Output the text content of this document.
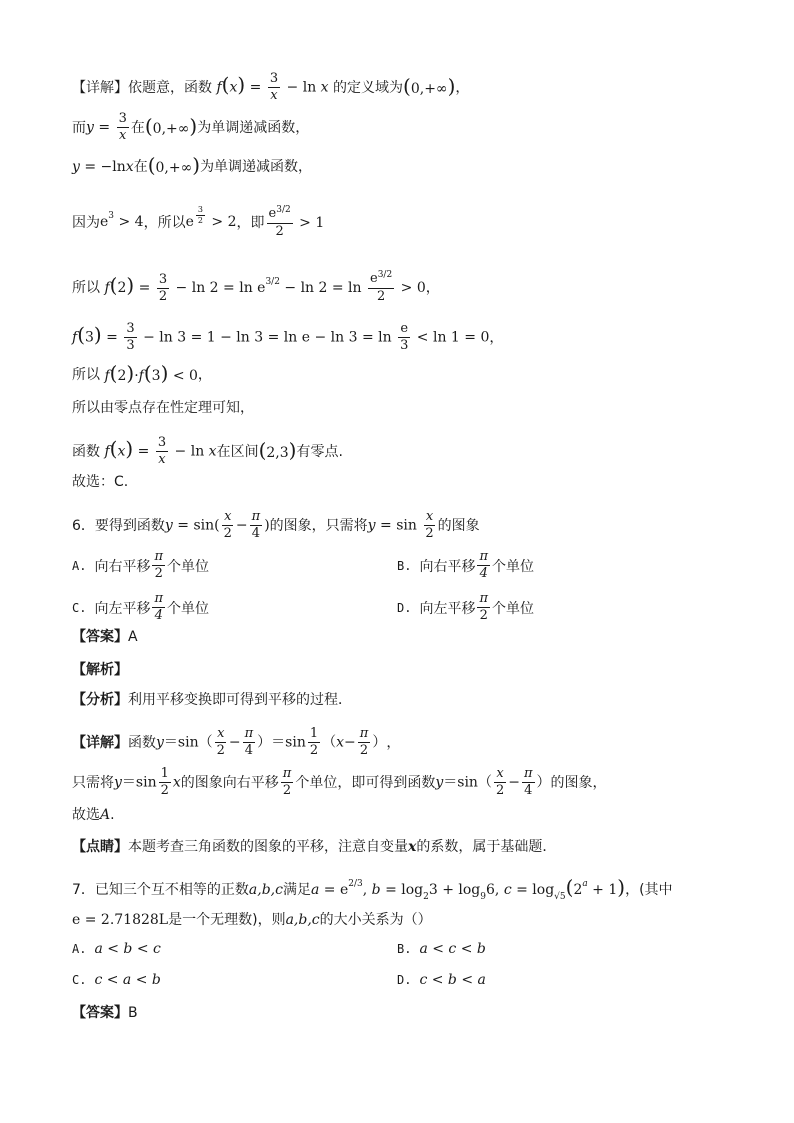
【详解】依题意，函数 $f(x) = \frac{3}{x} - \ln x$ 的定义域为 (0,+∞) ，
而 $y = \frac{3}{x}$ 在 (0,+∞) 为单调递减函数，
y = −lnx 在 (0,+∞) 为单调递减函数，
因为 $e^3 > 4$ ，所以 e $^{\frac{3}{2}}$ > 2 ，即 $\frac{e^{3/2}}{2} > 1$
所以 $f(2) = \frac{3}{2} - \ln 2 = \ln e^{3/2} - \ln 2 = \ln \frac{e^{3/2}}{2} > 0$ ，
$f(3) = \frac{3}{3} - \ln 3 = 1 - \ln 3 = \ln e - \ln 3 = \ln \frac{e}{3} < \ln 1 = 0$ ，
所以 f(2)·f(3) < 0 ，
所以由零点存在性定理可知，
函数 $f(x) = \frac{3}{x} - \ln x$ 在区间 (2,3) 有零点.
故选：C.
6．要得到函数 $y = \sin( \frac{x}{2} - \frac{\pi}{4}$ ) 的图象，只需将 $y = \sin \frac{x}{2}$ 的图象
A. 向右平移 $\frac{\pi}{2}$ 个单位	B. 向右平移 $\frac{\pi}{4}$ 个单位
C. 向左平移 $\frac{\pi}{4}$ 个单位	D. 向左平移 $\frac{\pi}{2}$ 个单位
【答案】 A
【解析】
【分析】 利用平移变换即可得到平移的过程．
【详解】 函数 $y=\sin( \frac{x}{2} - \frac{\pi}{4} )=\sin \frac{1}{2} (x- \frac{\pi}{2}$ ） ，
只需将 $y=\sin \frac{1}{2}$ x 的图象向右平移 $\frac{\pi}{2}$ 个单位，即可得到函数 $y=\sin( \frac{x}{2} - \frac{\pi}{4}$ ） 的图象，
故选 A .
【点睛】 本题考查三角函数的图象的平移，注意自变量 x 的系数，属于基础题．
7．已知三个互不相等的正数 a,b,c 满足 $a = e^{2/3}$, $b = \log_23 + \log_96$, $c = \log_{√5}(2^a + 1)$ ，(其中
e = 2.71828L 是一个无理数)，则 a,b,c 的大小关系为（）
A. a < b < c	B. a < c < b
C. c < a < b	D. c < b < a
【答案】 B
